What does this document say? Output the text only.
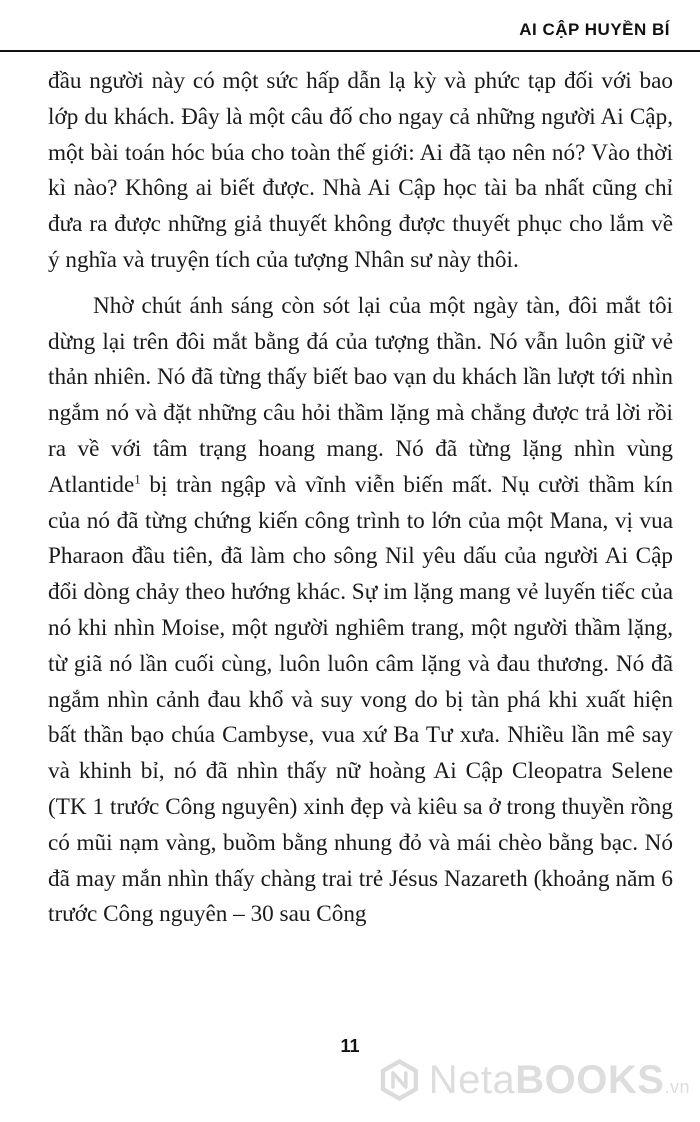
AI CẬP HUYỀN BÍ

đầu người này có một sức hấp dẫn lạ kỳ và phức tạp đối với bao lớp du khách. Đây là một câu đố cho ngay cả những người Ai Cập, một bài toán hóc búa cho toàn thế giới: Ai đã tạo nên nó? Vào thời kì nào? Không ai biết được. Nhà Ai Cập học tài ba nhất cũng chỉ đưa ra được những giả thuyết không được thuyết phục cho lắm về ý nghĩa và truyện tích của tượng Nhân sư này thôi.

Nhờ chút ánh sáng còn sót lại của một ngày tàn, đôi mắt tôi dừng lại trên đôi mắt bằng đá của tượng thần. Nó vẫn luôn giữ vẻ thản nhiên. Nó đã từng thấy biết bao vạn du khách lần lượt tới nhìn ngắm nó và đặt những câu hỏi thầm lặng mà chẳng được trả lời rồi ra về với tâm trạng hoang mang. Nó đã từng lặng nhìn vùng Atlantide$^1$ bị tràn ngập và vĩnh viễn biến mất. Nụ cười thầm kín của nó đã từng chứng kiến công trình to lớn của một Mana, vị vua Pharaon đầu tiên, đã làm cho sông Nil yêu dấu của người Ai Cập đổi dòng chảy theo hướng khác. Sự im lặng mang vẻ luyến tiếc của nó khi nhìn Moise, một người nghiêm trang, một người thầm lặng, từ giã nó lần cuối cùng, luôn luôn câm lặng và đau thương. Nó đã ngắm nhìn cảnh đau khổ và suy vong do bị tàn phá khi xuất hiện bất thần bạo chúa Cambyse, vua xứ Ba Tư xưa. Nhiều lần mê say và khinh bỉ, nó đã nhìn thấy nữ hoàng Ai Cập Cleopatra Selene (TK 1 trước Công nguyên) xinh đẹp và kiêu sa ở trong thuyền rồng có mũi nạm vàng, buồm bằng nhung đỏ và mái chèo bằng bạc. Nó đã may mắn nhìn thấy chàng trai trẻ Jésus Nazareth (khoảng năm 6 trước Công nguyên – 30 sau Công

11
NetaBOOKS.vn
